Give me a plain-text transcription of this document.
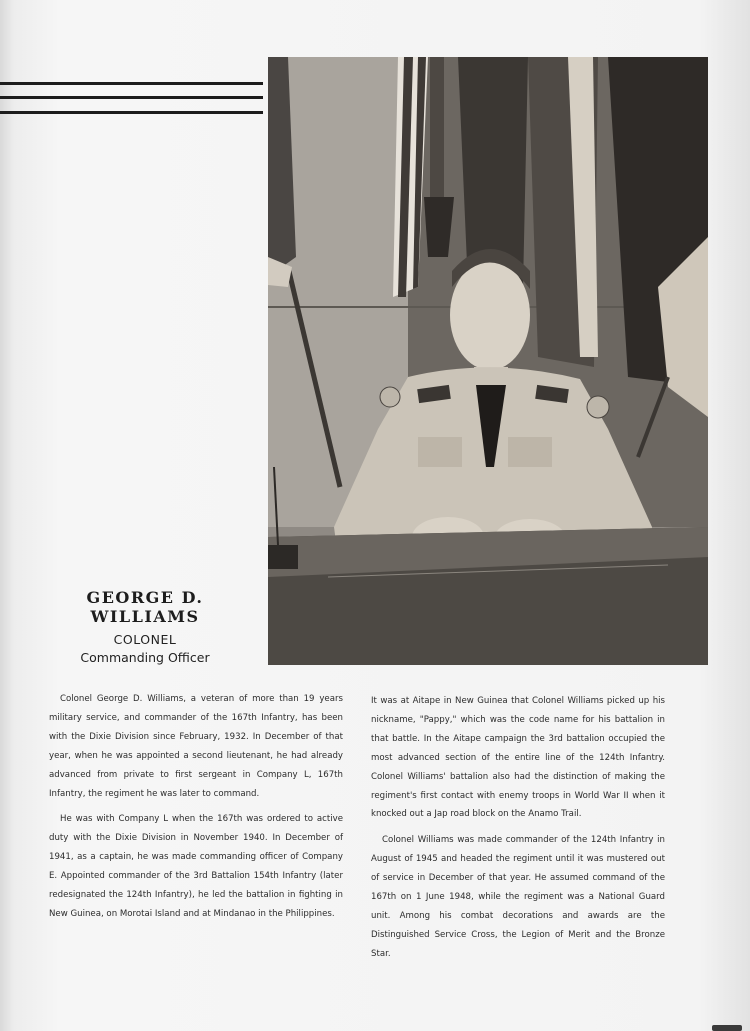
GEORGE D. WILLIAMS
COLONEL
Commanding Officer

Colonel George D. Williams, a veteran of more than 19 years military service, and commander of the 167th Infantry, has been with the Dixie Division since February, 1932. In December of that year, when he was appointed a second lieutenant, he had already advanced from private to first sergeant in Company L, 167th Infantry, the regiment he was later to command.

He was with Company L when the 167th was ordered to active duty with the Dixie Division in November 1940. In December of 1941, as a captain, he was made commanding officer of Company E. Appointed commander of the 3rd Battalion 154th Infantry (later redesignated the 124th Infantry), he led the battalion in fighting in New Guinea, on Morotai Island and at Mindanao in the Philippines.

It was at Aitape in New Guinea that Colonel Williams picked up his nickname, "Pappy," which was the code name for his battalion in that battle. In the Aitape campaign the 3rd battalion occupied the most advanced section of the entire line of the 124th Infantry. Colonel Williams' battalion also had the distinction of making the regiment's first contact with enemy troops in World War II when it knocked out a Jap road block on the Anamo Trail.

Colonel Williams was made commander of the 124th Infantry in August of 1945 and headed the regiment until it was mustered out of service in December of that year. He assumed command of the 167th on 1 June 1948, while the regiment was a National Guard unit. Among his combat decorations and awards are the Distinguished Service Cross, the Legion of Merit and the Bronze Star.
